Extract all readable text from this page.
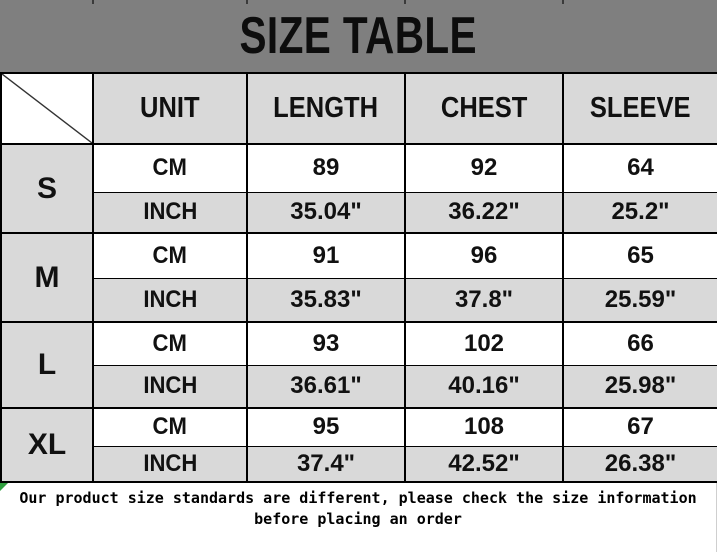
SIZE TABLE
	UNIT	LENGTH	CHEST	SLEEVE
S	CM	89	92	64
	INCH	35.04"	36.22"	25.2"
M	CM	91	96	65
	INCH	35.83"	37.8"	25.59"
L	CM	93	102	66
	INCH	36.61"	40.16"	25.98"
XL	CM	95	108	67
	INCH	37.4"	42.52"	26.38"
Our product size standards are different, please check the size information before placing an order
